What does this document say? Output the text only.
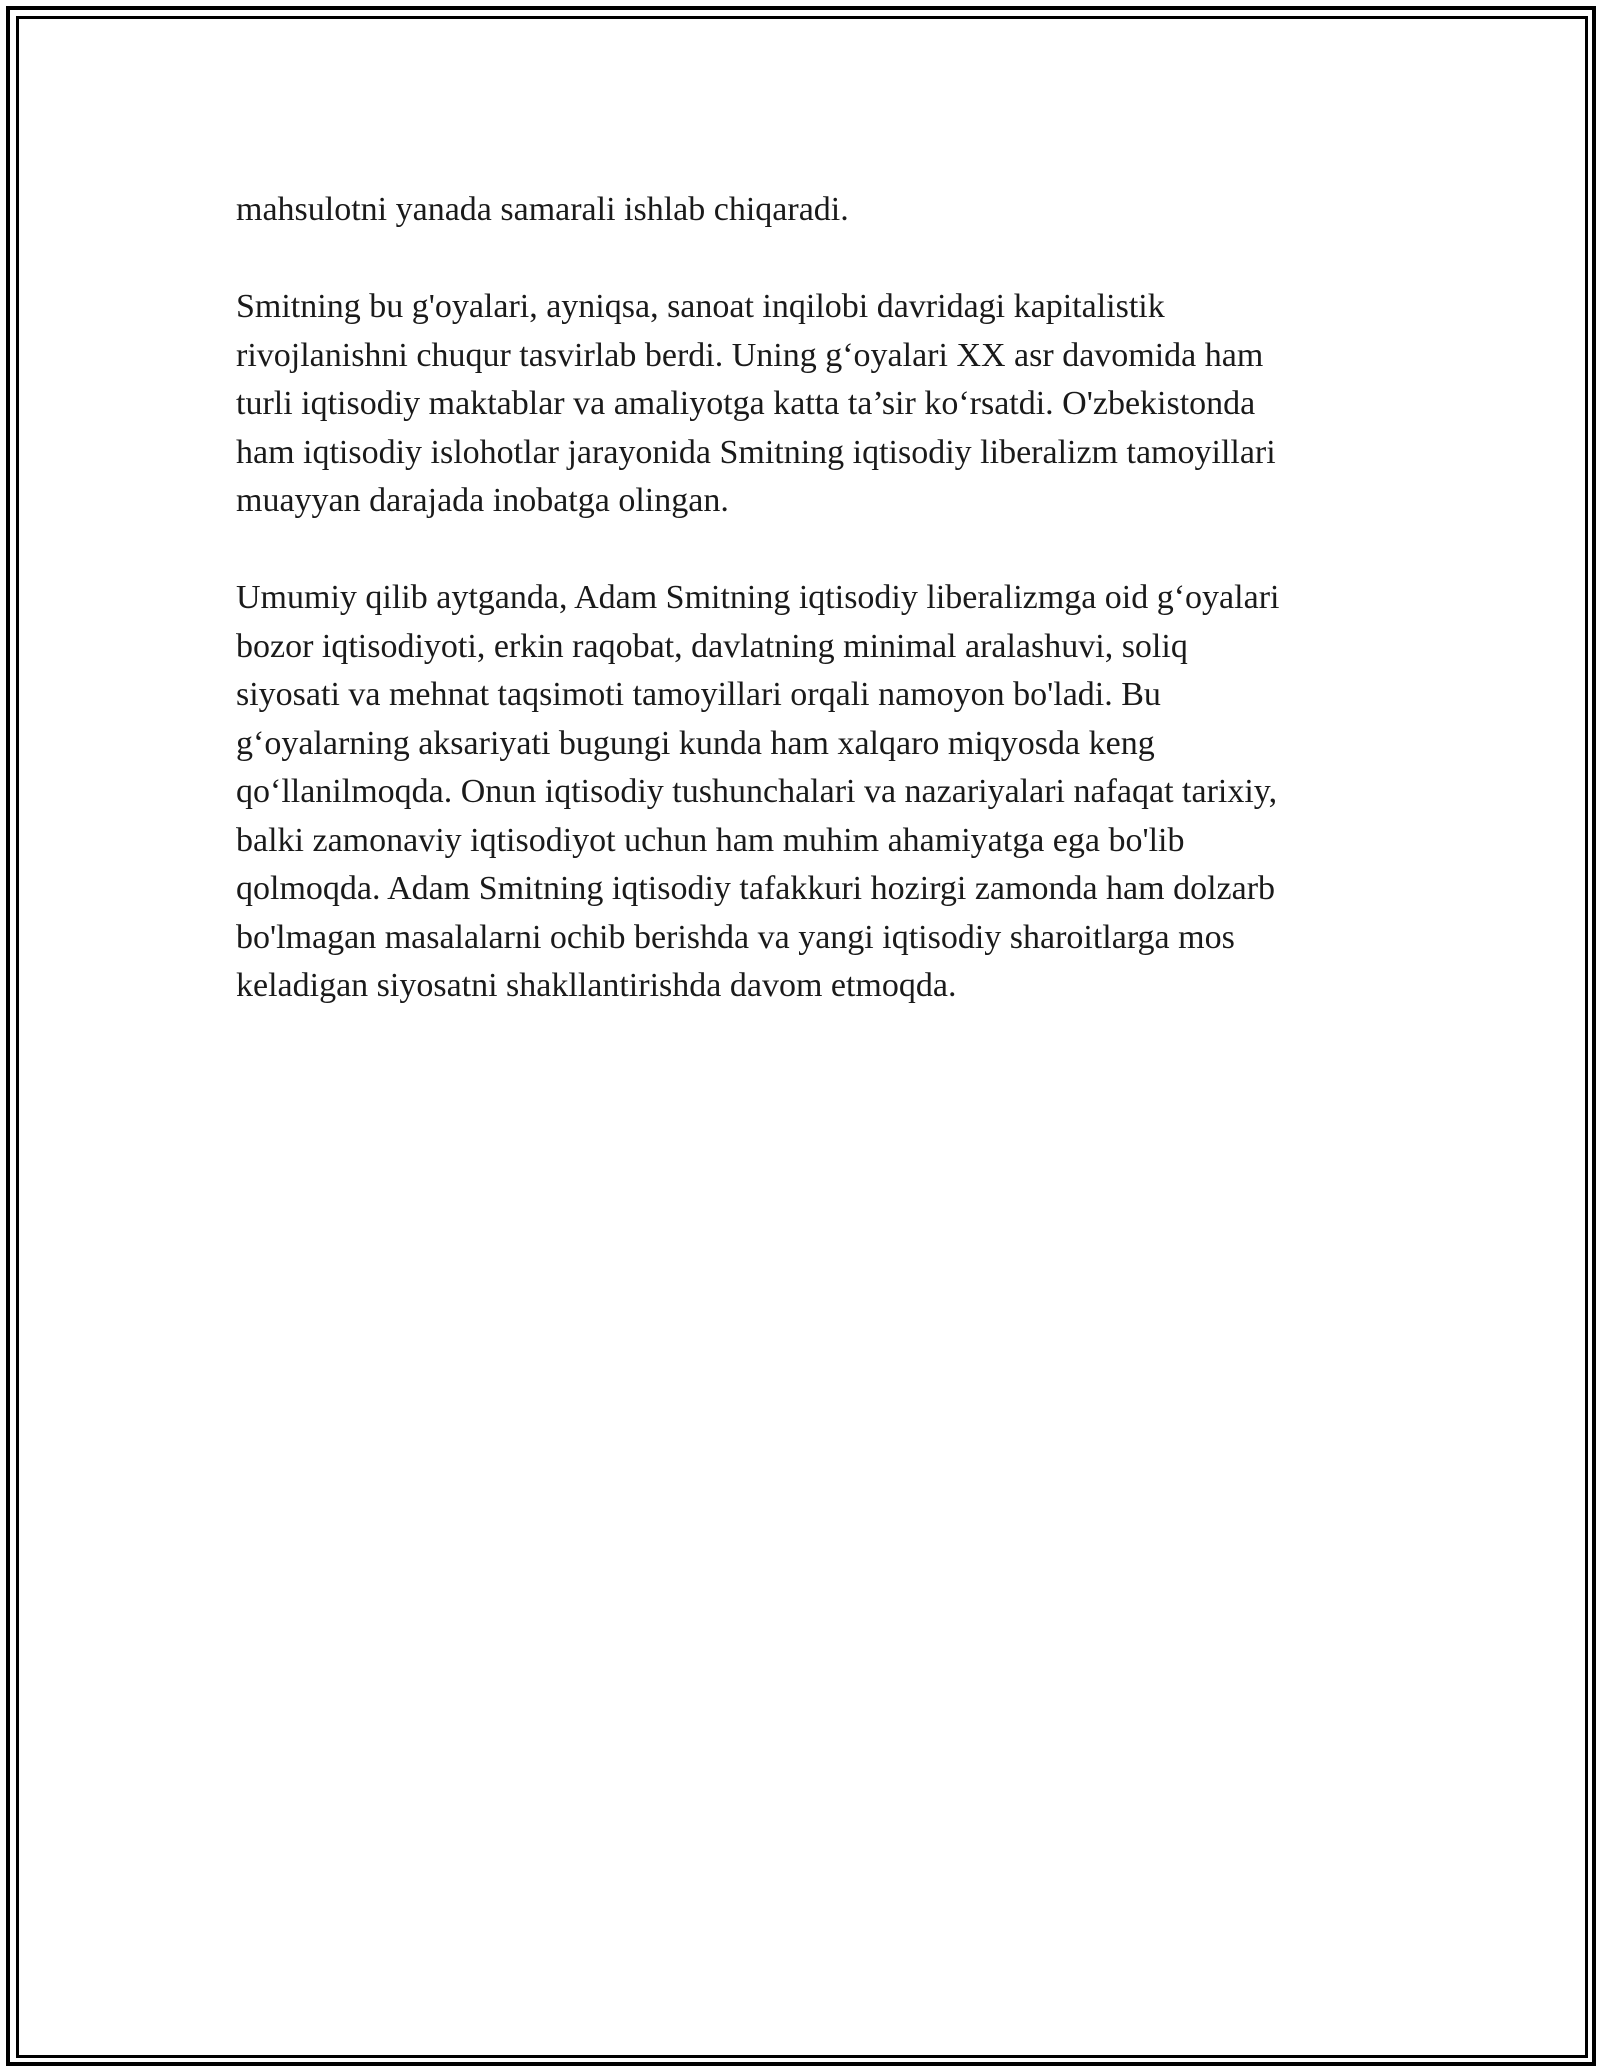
mahsulotni yanada samarali ishlab chiqaradi.

Smitning bu g'oyalari, ayniqsa, sanoat inqilobi davridagi kapitalistik
rivojlanishni chuqur tasvirlab berdi. Uning g‘oyalari XX asr davomida ham
turli iqtisodiy maktablar va amaliyotga katta ta’sir ko‘rsatdi. O'zbekistonda
ham iqtisodiy islohotlar jarayonida Smitning iqtisodiy liberalizm tamoyillari
muayyan darajada inobatga olingan.

Umumiy qilib aytganda, Adam Smitning iqtisodiy liberalizmga oid g‘oyalari
bozor iqtisodiyoti, erkin raqobat, davlatning minimal aralashuvi, soliq
siyosati va mehnat taqsimoti tamoyillari orqali namoyon bo'ladi. Bu
g‘oyalarning aksariyati bugungi kunda ham xalqaro miqyosda keng
qo‘llanilmoqda. Onun iqtisodiy tushunchalari va nazariyalari nafaqat tarixiy,
balki zamonaviy iqtisodiyot uchun ham muhim ahamiyatga ega bo'lib
qolmoqda. Adam Smitning iqtisodiy tafakkuri hozirgi zamonda ham dolzarb
bo'lmagan masalalarni ochib berishda va yangi iqtisodiy sharoitlarga mos
keladigan siyosatni shakllantirishda davom etmoqda.
